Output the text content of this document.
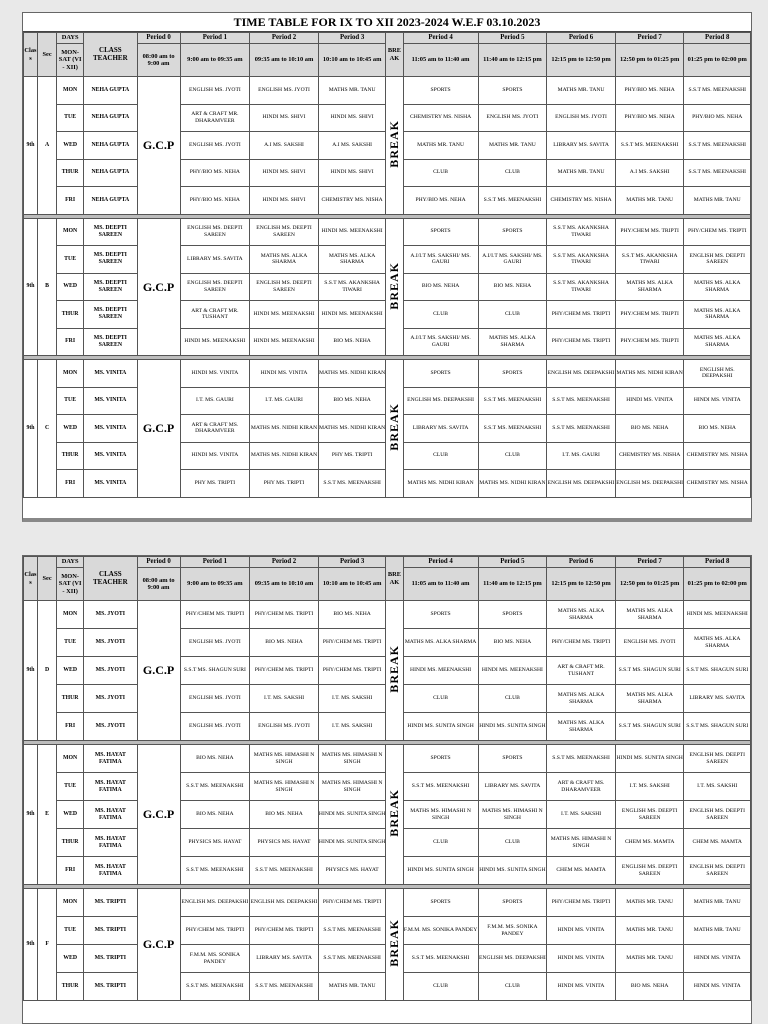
TIME TABLE FOR IX TO XII 2023-2024 W.E.F 03.10.2023
Clas s	Sec	DAYS	CLASS TEACHER	Period 0	Period 1	Period 2	Period 3	BRE AK	Period 4	Period 5	Period 6	Period 7	Period 8
		MON-SAT (VI - XII)		08:00 am to 9:00 am	9:00 am to 09:35 am	09:35 am to 10:10 am	10:10 am to 10:45 am		11:05 am to 11:40 am	11:40 am to 12:15 pm	12:15 pm to 12:50 pm	12:50 pm to 01:25 pm	01:25 pm to 02:00 pm
9th	A	MON	NEHA GUPTA	G.C.P	ENGLISH MS. JYOTI	ENGLISH MS. JYOTI	MATHS MR. TANU	BREAK	SPORTS	SPORTS	MATHS MR. TANU	PHY/BIO MS. NEHA	S.S.T MS. MEENAKSHI
		TUE	NEHA GUPTA		ART & CRAFT MR. DHARAMVEER	HINDI MS. SHIVI	HINDI MS. SHIVI		CHEMISTRY MS. NISHA	ENGLISH MS. JYOTI	ENGLISH MS. JYOTI	PHY/BIO MS. NEHA	PHY/BIO MS. NEHA
		WED	NEHA GUPTA		ENGLISH MS. JYOTI	A.I MS. SAKSHI	A.I MS. SAKSHI		MATHS MR. TANU	MATHS MR. TANU	LIBRARY MS. SAVITA	S.S.T MS. MEENAKSHI	S.S.T MS. MEENAKSHI
		THUR	NEHA GUPTA		PHY/BIO MS. NEHA	HINDI MS. SHIVI	HINDI MS. SHIVI		CLUB	CLUB	MATHS MR. TANU	A.I MS. SAKSHI	S.S.T MS. MEENAKSHI
		FRI	NEHA GUPTA		PHY/BIO MS. NEHA	HINDI MS. SHIVI	CHEMISTRY MS. NISHA		PHY/BIO MS. NEHA	S.S.T MS. MEENAKSHI	CHEMISTRY MS. NISHA	MATHS MR. TANU	MATHS MR. TANU

9th	B	MON	MS. DEEPTI SAREEN	G.C.P	ENGLISH MS. DEEPTI SAREEN	ENGLISH MS. DEEPTI SAREEN	HINDI MS. MEENAKSHI	BREAK	SPORTS	SPORTS	S.S.T MS. AKANKSHA TIWARI	PHY/CHEM MS. TRIPTI	PHY/CHEM MS. TRIPTI
		TUE	MS. DEEPTI SAREEN		LIBRARY MS. SAVITA	MATHS MS. ALKA SHARMA	MATHS MS. ALKA SHARMA		A.I/I.T MS. SAKSHI/ MS. GAURI	A.I/I.T MS. SAKSHI/ MS. GAURI	S.S.T MS. AKANKSHA TIWARI	S.S.T MS. AKANKSHA TIWARI	ENGLISH MS. DEEPTI SAREEN
		WED	MS. DEEPTI SAREEN		ENGLISH MS. DEEPTI SAREEN	ENGLISH MS. DEEPTI SAREEN	S.S.T MS. AKANKSHA TIWARI		BIO MS. NEHA	BIO MS. NEHA	S.S.T MS. AKANKSHA TIWARI	MATHS MS. ALKA SHARMA	MATHS MS. ALKA SHARMA
		THUR	MS. DEEPTI SAREEN		ART & CRAFT MR. TUSHANT	HINDI MS. MEENAKSHI	HINDI MS. MEENAKSHI		CLUB	CLUB	PHY/CHEM MS. TRIPTI	PHY/CHEM MS. TRIPTI	MATHS MS. ALKA SHARMA
		FRI	MS. DEEPTI SAREEN		HINDI MS. MEENAKSHI	HINDI MS. MEENAKSHI	BIO MS. NEHA		A.I/I.T MS. SAKSHI/ MS. GAURI	MATHS MS. ALKA SHARMA	PHY/CHEM MS. TRIPTI	PHY/CHEM MS. TRIPTI	MATHS MS. ALKA SHARMA

9th	C	MON	MS. VINITA	G.C.P	HINDI MS. VINITA	HINDI MS. VINITA	MATHS MS. NIDHI KIRAN	BREAK	SPORTS	SPORTS	ENGLISH MS. DEEPAKSHI	MATHS MS. NIDHI KIRAN	ENGLISH MS. DEEPAKSHI
		TUE	MS. VINITA		I.T. MS. GAURI	I.T. MS. GAURI	BIO MS. NEHA		ENGLISH MS. DEEPAKSHI	S.S.T MS. MEENAKSHI	S.S.T MS. MEENAKSHI	HINDI MS. VINITA	HINDI MS. VINITA
		WED	MS. VINITA		ART & CRAFT MS. DHARAMVEER	MATHS MS. NIDHI KIRAN	MATHS MS. NIDHI KIRAN		LIBRARY MS. SAVITA	S.S.T MS. MEENAKSHI	S.S.T MS. MEENAKSHI	BIO MS. NEHA	BIO MS. NEHA
		THUR	MS. VINITA		HINDI MS. VINITA	MATHS MS. NIDHI KIRAN	PHY MS. TRIPTI		CLUB	CLUB	I.T. MS. GAURI	CHEMISTRY MS. NISHA	CHEMISTRY MS. NISHA
		FRI	MS. VINITA		PHY MS. TRIPTI	PHY MS. TRIPTI	S.S.T MS. MEENAKSHI		MATHS MS. NIDHI KIRAN	MATHS MS. NIDHI KIRAN	ENGLISH MS. DEEPAKSHI	ENGLISH MS. DEEPAKSHI	CHEMISTRY MS. NISHA
Clas s	Sec	DAYS	CLASS TEACHER	Period 0	Period 1	Period 2	Period 3	BRE AK	Period 4	Period 5	Period 6	Period 7	Period 8
		MON-SAT (VI - XII)		08:00 am to 9:00 am	9:00 am to 09:35 am	09:35 am to 10:10 am	10:10 am to 10:45 am		11:05 am to 11:40 am	11:40 am to 12:15 pm	12:15 pm to 12:50 pm	12:50 pm to 01:25 pm	01:25 pm to 02:00 pm
9th	D	MON	MS. JYOTI	G.C.P	PHY/CHEM MS. TRIPTI	PHY/CHEM MS. TRIPTI	BIO MS. NEHA	BREAK	SPORTS	SPORTS	MATHS MS. ALKA SHARMA	MATHS MS. ALKA SHARMA	HINDI MS. MEENAKSHI
		TUE	MS. JYOTI		ENGLISH MS. JYOTI	BIO MS. NEHA	PHY/CHEM MS. TRIPTI		MATHS MS. ALKA SHARMA	BIO MS. NEHA	PHY/CHEM MS. TRIPTI	ENGLISH MS. JYOTI	MATHS MS. ALKA SHARMA
		WED	MS. JYOTI		S.S.T MS. SHAGUN SURI	PHY/CHEM MS. TRIPTI	PHY/CHEM MS. TRIPTI		HINDI MS. MEENAKSHI	HINDI MS. MEENAKSHI	ART & CRAFT MR. TUSHANT	S.S.T MS. SHAGUN SURI	S.S.T MS. SHAGUN SURI
		THUR	MS. JYOTI		ENGLISH MS. JYOTI	I.T. MS. SAKSHI	I.T. MS. SAKSHI		CLUB	CLUB	MATHS MS. ALKA SHARMA	MATHS MS. ALKA SHARMA	LIBRARY MS. SAVITA
		FRI	MS. JYOTI		ENGLISH MS. JYOTI	ENGLISH MS. JYOTI	I.T. MS. SAKSHI		HINDI MS. SUNITA SINGH	HINDI MS. SUNITA SINGH	MATHS MS. ALKA SHARMA	S.S.T MS. SHAGUN SURI	S.S.T MS. SHAGUN SURI

9th	E	MON	MS. HAYAT FATIMA	G.C.P	BIO MS. NEHA	MATHS MS. HIMASHI N SINGH	MATHS MS. HIMASHI N SINGH	BREAK	SPORTS	SPORTS	S.S.T MS. MEENAKSHI	HINDI MS. SUNITA SINGH	ENGLISH MS. DEEPTI SAREEN
		TUE	MS. HAYAT FATIMA		S.S.T MS. MEENAKSHI	MATHS MS. HIMASHI N SINGH	MATHS MS. HIMASHI N SINGH		S.S.T MS. MEENAKSHI	LIBRARY MS. SAVITA	ART & CRAFT MS. DHARAMVEER	I.T. MS. SAKSHI	I.T. MS. SAKSHI
		WED	MS. HAYAT FATIMA		BIO MS. NEHA	BIO MS. NEHA	HINDI MS. SUNITA SINGH		MATHS MS. HIMASHI N SINGH	MATHS MS. HIMASHI N SINGH	I.T. MS. SAKSHI	ENGLISH MS. DEEPTI SAREEN	ENGLISH MS. DEEPTI SAREEN
		THUR	MS. HAYAT FATIMA		PHYSICS MS. HAYAT	PHYSICS MS. HAYAT	HINDI MS. SUNITA SINGH		CLUB	CLUB	MATHS MS. HIMASHI N SINGH	CHEM MS. MAMTA	CHEM MS. MAMTA
		FRI	MS. HAYAT FATIMA		S.S.T MS. MEENAKSHI	S.S.T MS. MEENAKSHI	PHYSICS MS. HAYAT		HINDI MS. SUNITA SINGH	HINDI MS. SUNITA SINGH	CHEM MS. MAMTA	ENGLISH MS. DEEPTI SAREEN	ENGLISH MS. DEEPTI SAREEN

9th	F	MON	MS. TRIPTI	G.C.P	ENGLISH MS. DEEPAKSHI	ENGLISH MS. DEEPAKSHI	PHY/CHEM MS. TRIPTI	BREAK	SPORTS	SPORTS	PHY/CHEM MS. TRIPTI	MATHS MR. TANU	MATHS MR. TANU
		TUE	MS. TRIPTI		PHY/CHEM MS. TRIPTI	PHY/CHEM MS. TRIPTI	S.S.T MS. MEENAKSHI		F.M.M. MS. SONIKA PANDEY	F.M.M. MS. SONIKA PANDEY	HINDI MS. VINITA	MATHS MR. TANU	MATHS MR. TANU
		WED	MS. TRIPTI		F.M.M. MS. SONIKA PANDEY	LIBRARY MS. SAVITA	S.S.T MS. MEENAKSHI		S.S.T MS. MEENAKSHI	ENGLISH MS. DEEPAKSHI	HINDI MS. VINITA	MATHS MR. TANU	HINDI MS. VINITA
		THUR	MS. TRIPTI		S.S.T MS. MEENAKSHI	S.S.T MS. MEENAKSHI	MATHS MR. TANU		CLUB	CLUB	HINDI MS. VINITA	BIO MS. NEHA	HINDI MS. VINITA
